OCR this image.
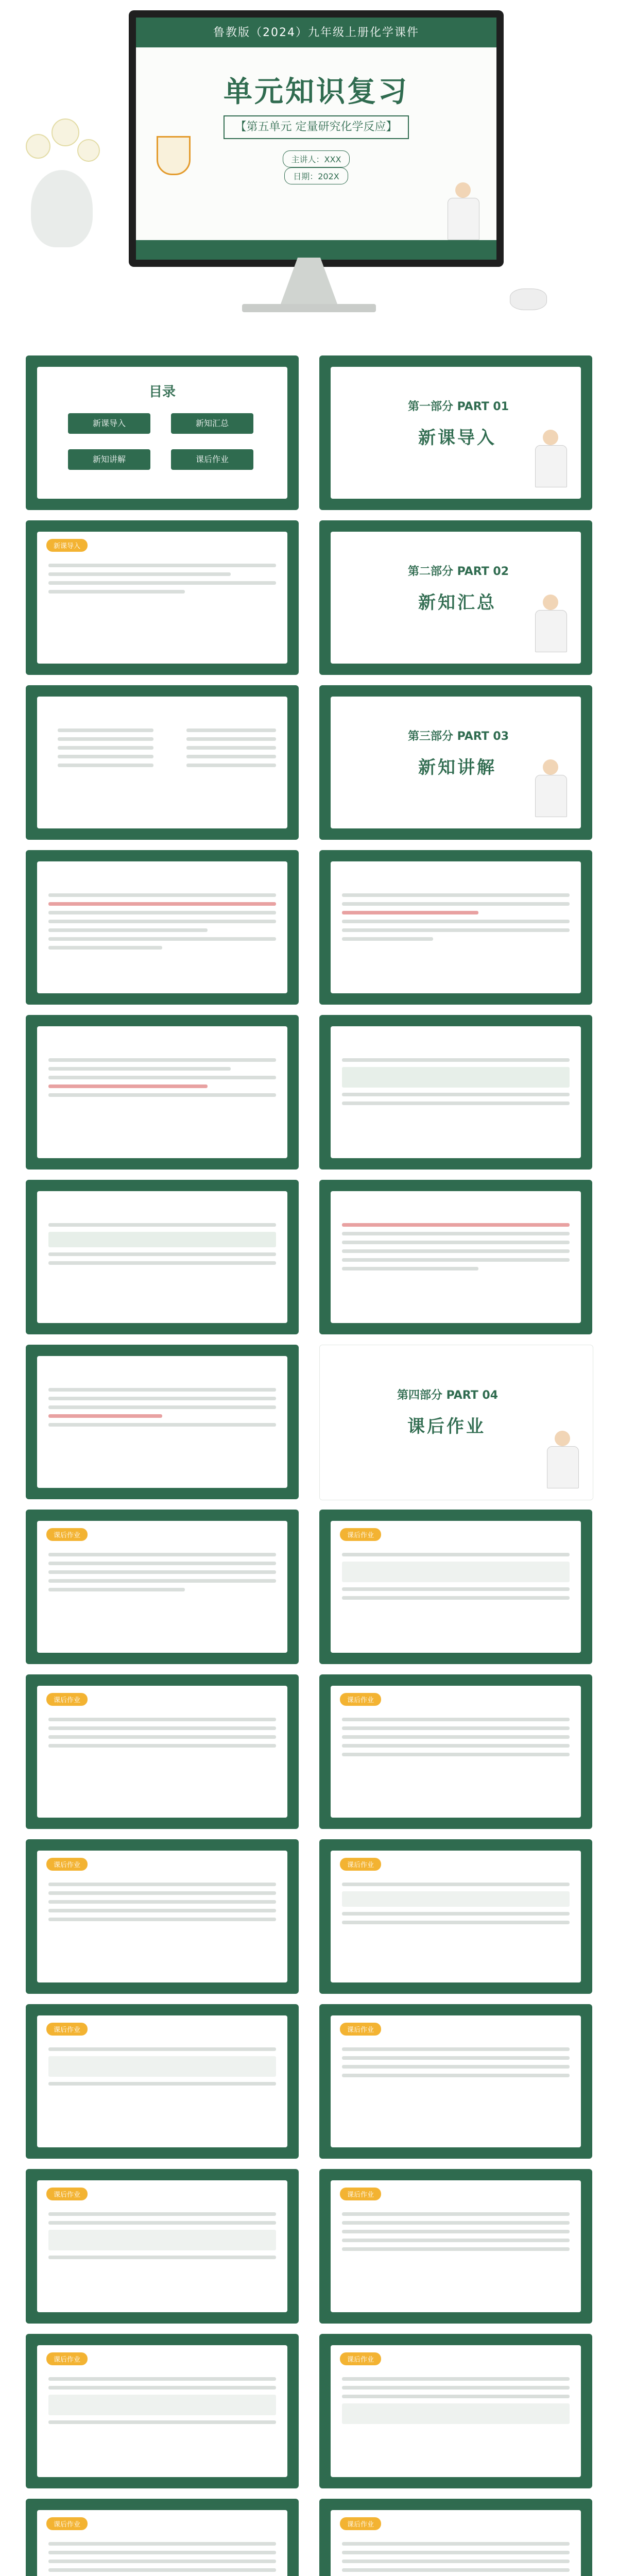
鲁教版（2024）九年级上册化学课件
单元知识复习
【第五单元 定量研究化学反应】
主讲人：XXX 日期：202X
目录
新课导入	新知汇总
新知讲解	课后作业
第一部分 PART 01
新课导入
新课导入
第二部分 PART 02
新知汇总
第三部分 PART 03
新知讲解
第四部分 PART 04
课后作业
课后作业	课后作业
课后作业	课后作业
课后作业	课后作业
课后作业	课后作业
课后作业	课后作业
课后作业	课后作业
课后作业	课后作业
